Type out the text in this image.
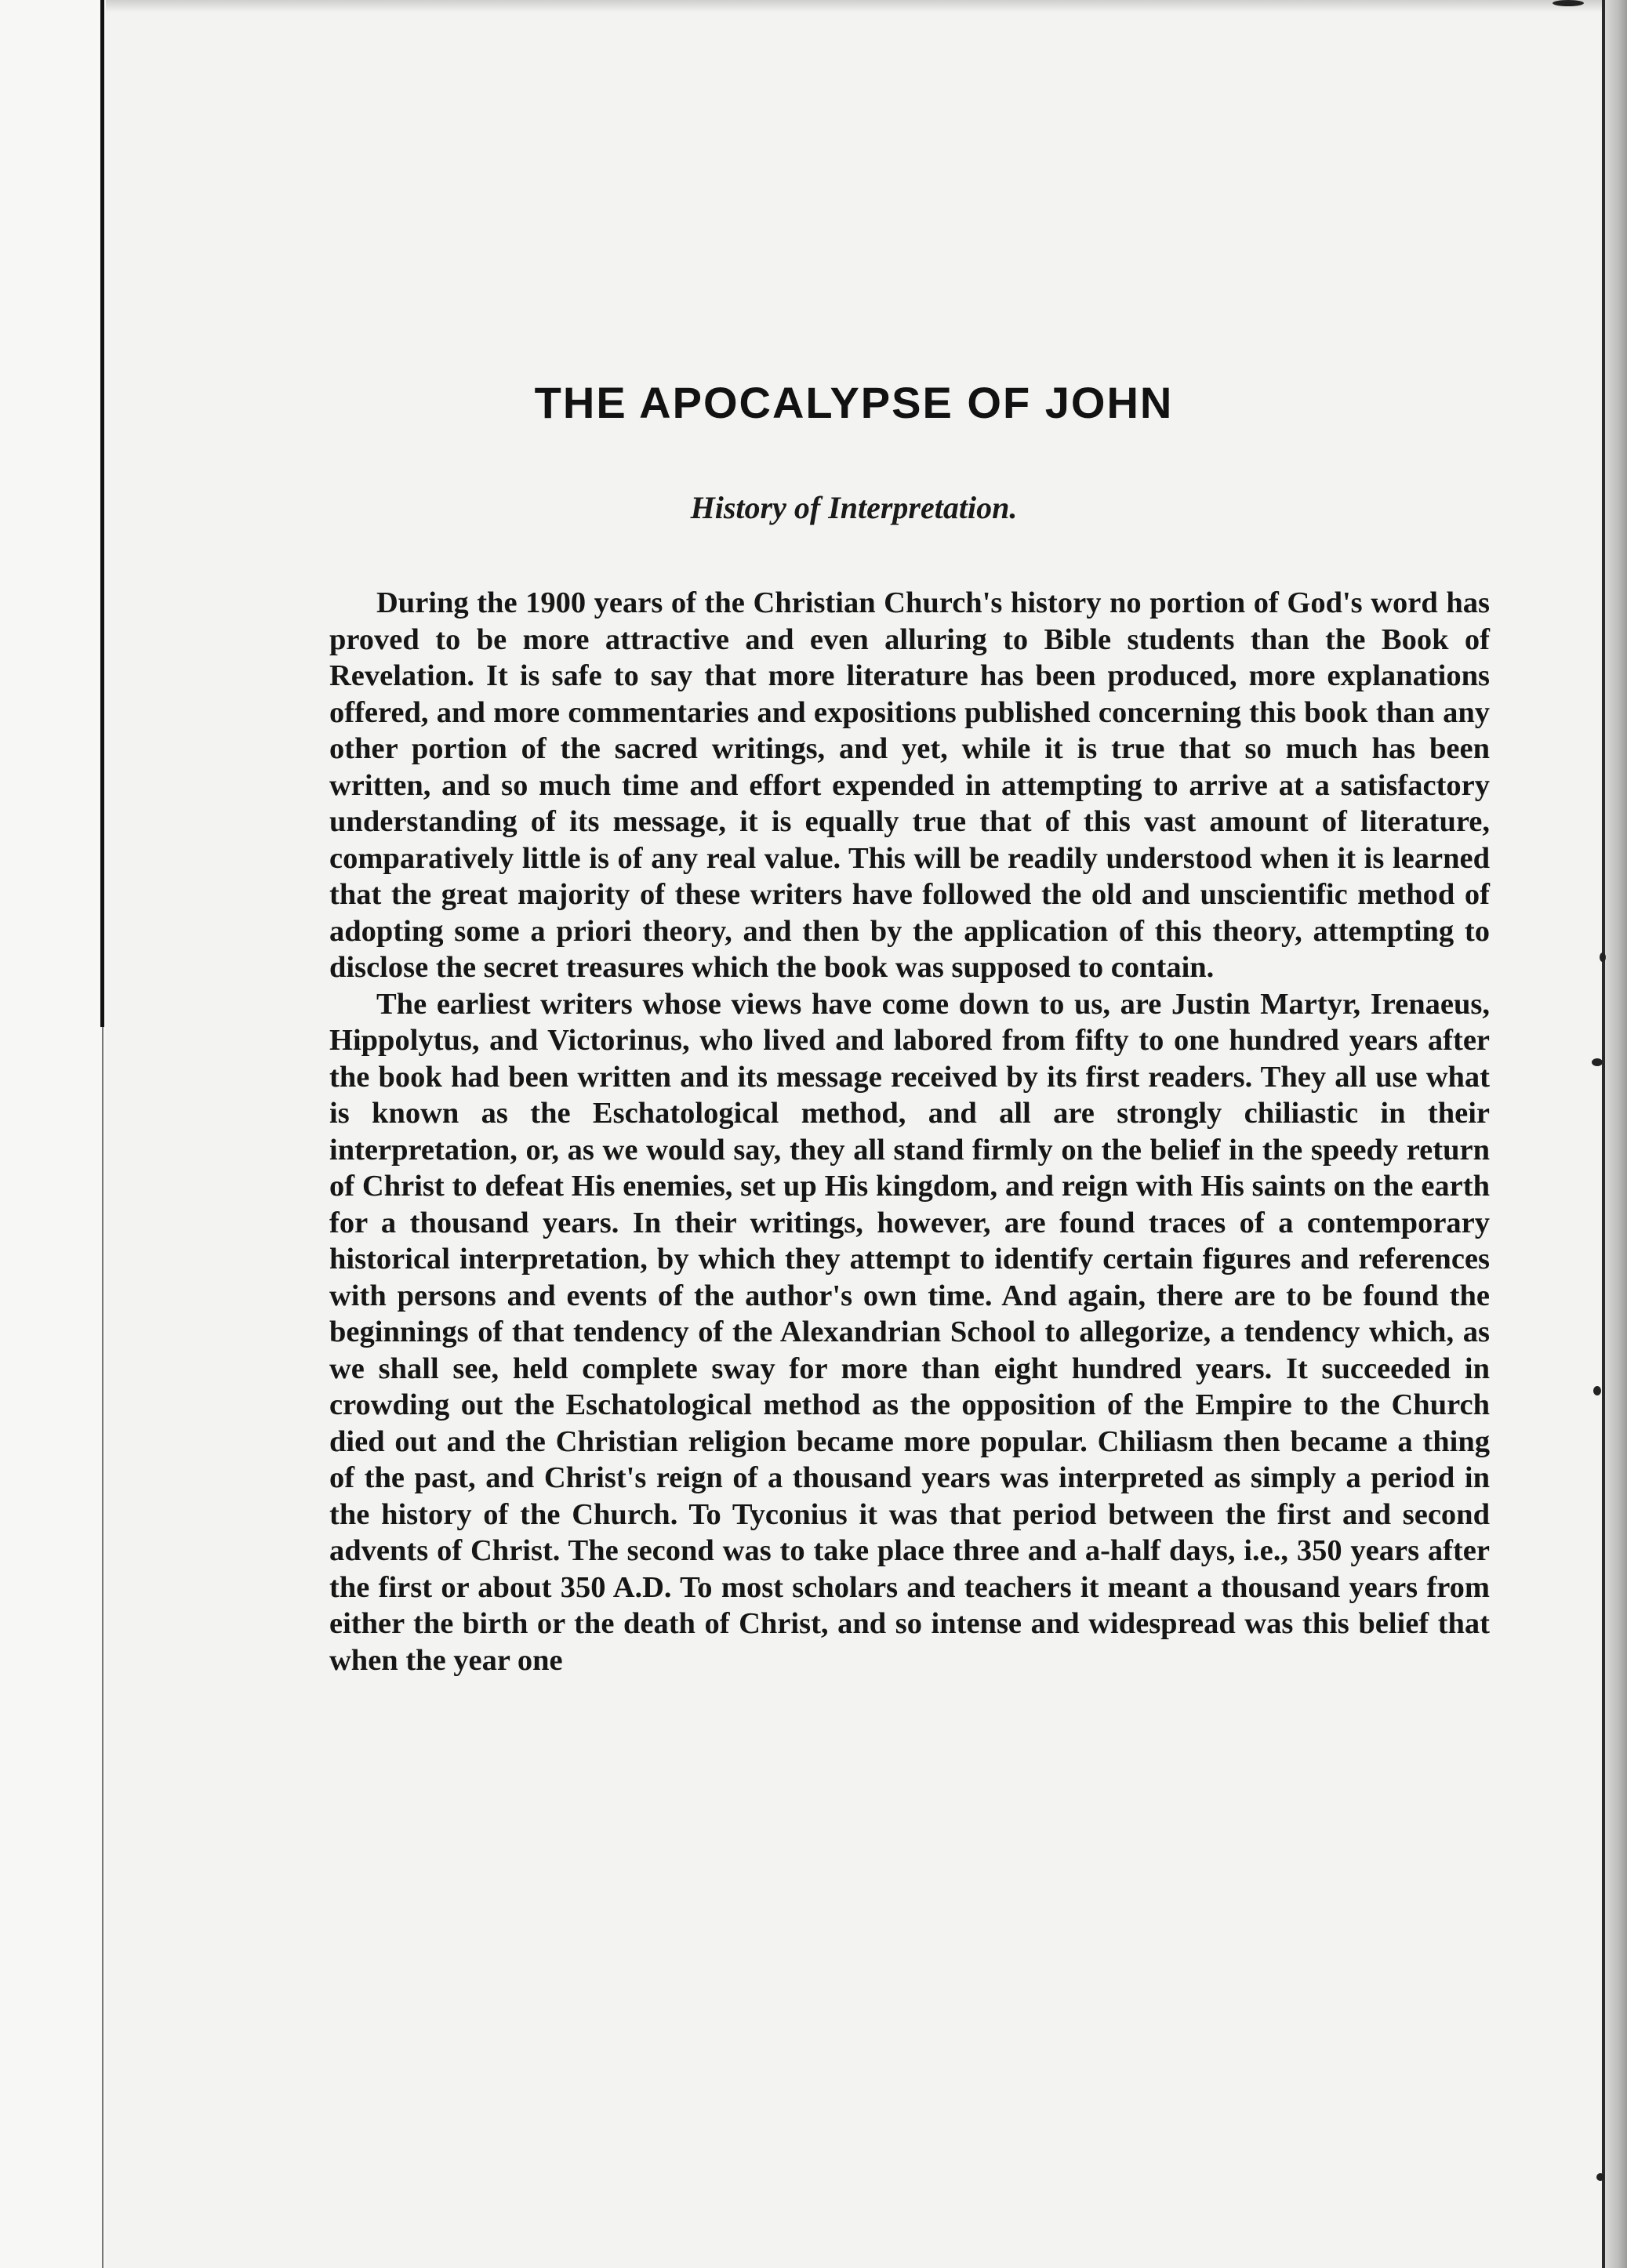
THE APOCALYPSE OF JOHN
History of Interpretation.

During the 1900 years of the Christian Church's history no portion of God's word has proved to be more attractive and even alluring to Bible students than the Book of Revelation. It is safe to say that more literature has been produced, more explanations offered, and more commentaries and expositions published concerning this book than any other portion of the sacred writings, and yet, while it is true that so much has been written, and so much time and effort expended in attempting to arrive at a satisfactory understanding of its message, it is equally true that of this vast amount of literature, comparatively little is of any real value. This will be readily understood when it is learned that the great majority of these writers have followed the old and unscientific method of adopting some a priori theory, and then by the application of this theory, attempting to disclose the secret treasures which the book was supposed to contain.

The earliest writers whose views have come down to us, are Justin Martyr, Irenaeus, Hippolytus, and Victorinus, who lived and labored from fifty to one hundred years after the book had been written and its message received by its first readers. They all use what is known as the Eschatological method, and all are strongly chiliastic in their interpretation, or, as we would say, they all stand firmly on the belief in the speedy return of Christ to defeat His enemies, set up His kingdom, and reign with His saints on the earth for a thousand years. In their writings, however, are found traces of a contemporary historical interpretation, by which they attempt to identify certain figures and references with persons and events of the author's own time. And again, there are to be found the beginnings of that tendency of the Alexandrian School to allegorize, a tendency which, as we shall see, held complete sway for more than eight hundred years. It succeeded in crowding out the Eschatological method as the opposition of the Empire to the Church died out and the Christian religion became more popular. Chiliasm then became a thing of the past, and Christ's reign of a thousand years was interpreted as simply a period in the history of the Church. To Tyconius it was that period between the first and second advents of Christ. The second was to take place three and a-half days, i.e., 350 years after the first or about 350 A.D. To most scholars and teachers it meant a thousand years from either the birth or the death of Christ, and so intense and widespread was this belief that when the year one
